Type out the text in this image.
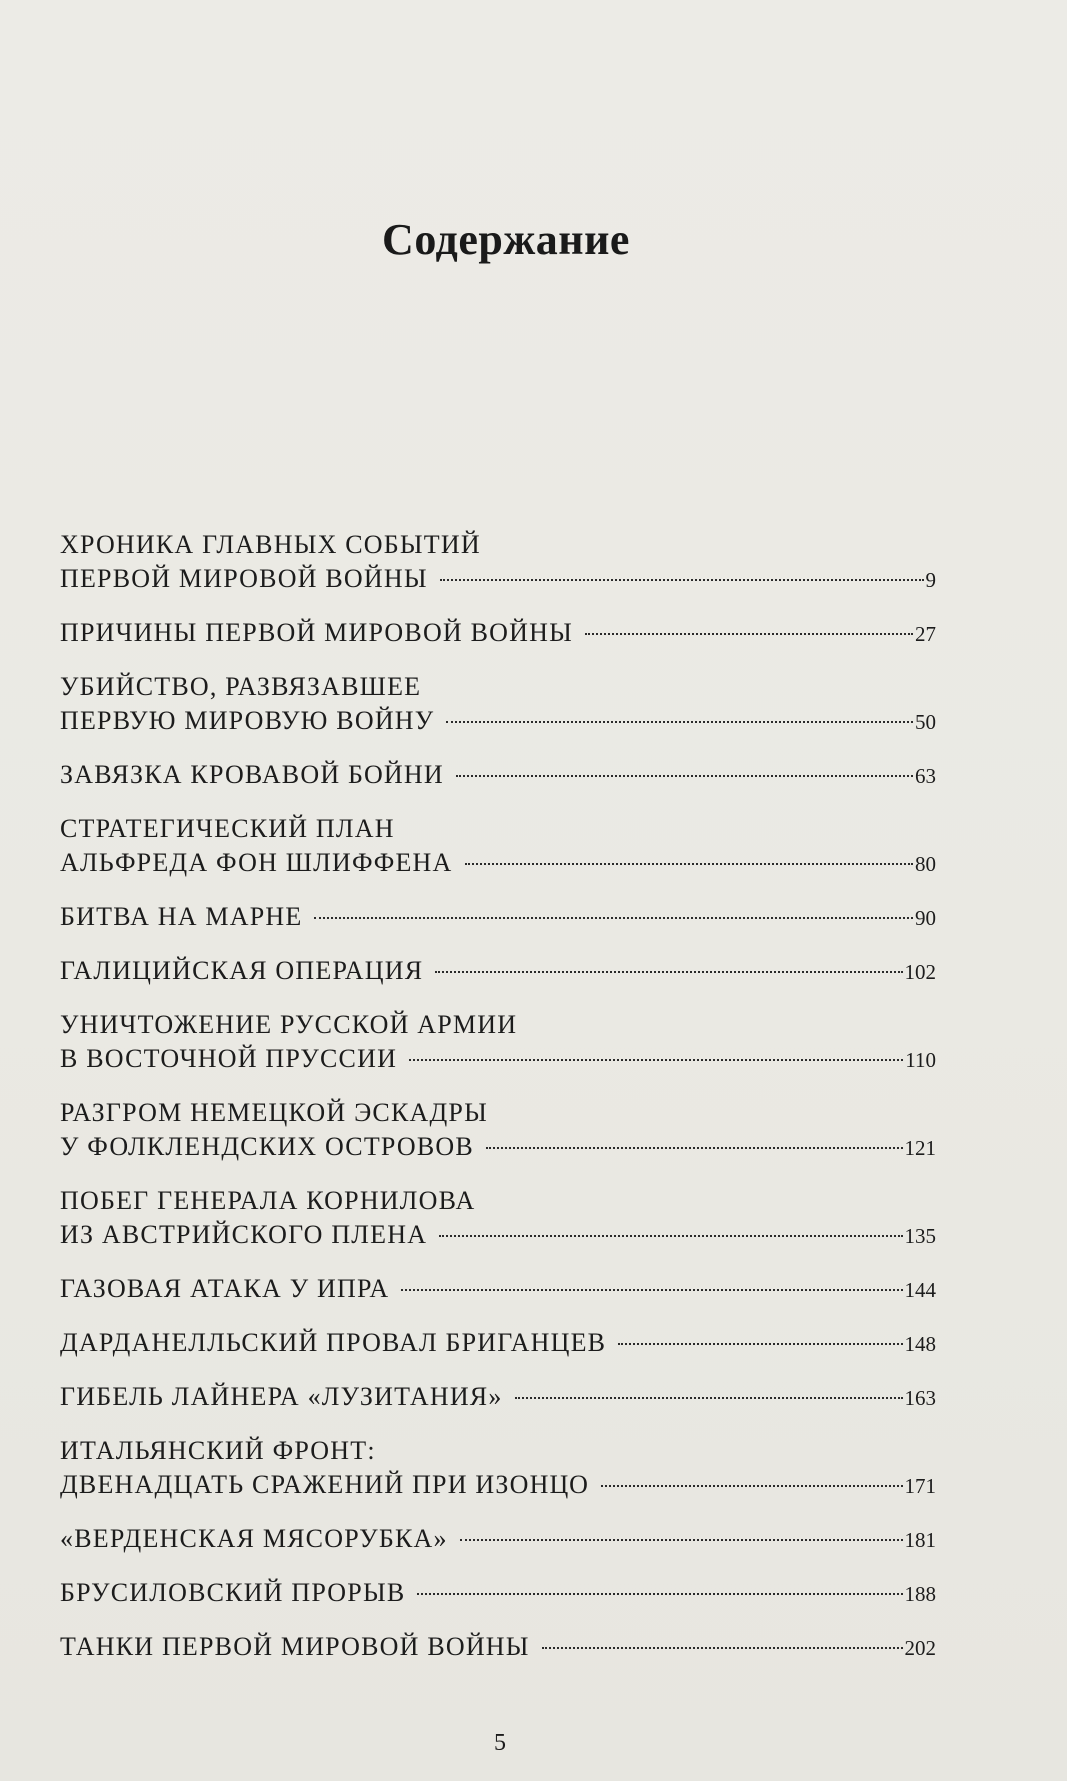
Содержание
ХРОНИКА ГЛАВНЫХ СОБЫТИЙ
ПЕРВОЙ МИРОВОЙ ВОЙНЫ	9
ПРИЧИНЫ ПЕРВОЙ МИРОВОЙ ВОЙНЫ	27
УБИЙСТВО, РАЗВЯЗАВШЕЕ
ПЕРВУЮ МИРОВУЮ ВОЙНУ	50
ЗАВЯЗКА КРОВАВОЙ БОЙНИ	63
СТРАТЕГИЧЕСКИЙ ПЛАН
АЛЬФРЕДА ФОН ШЛИФФЕНА	80
БИТВА НА МАРНЕ	90
ГАЛИЦИЙСКАЯ ОПЕРАЦИЯ	102
УНИЧТОЖЕНИЕ РУССКОЙ АРМИИ
В ВОСТОЧНОЙ ПРУССИИ	110
РАЗГРОМ НЕМЕЦКОЙ ЭСКАДРЫ
У ФОЛКЛЕНДСКИХ ОСТРОВОВ	121
ПОБЕГ ГЕНЕРАЛА КОРНИЛОВА
ИЗ АВСТРИЙСКОГО ПЛЕНА	135
ГАЗОВАЯ АТАКА У ИПРА	144
ДАРДАНЕЛЛЬСКИЙ ПРОВАЛ БРИГАНЦЕВ	148
ГИБЕЛЬ ЛАЙНЕРА «ЛУЗИТАНИЯ»	163
ИТАЛЬЯНСКИЙ ФРОНТ:
ДВЕНАДЦАТЬ СРАЖЕНИЙ ПРИ ИЗОНЦО	171
«ВЕРДЕНСКАЯ МЯСОРУБКА»	181
БРУСИЛОВСКИЙ ПРОРЫВ	188
ТАНКИ ПЕРВОЙ МИРОВОЙ ВОЙНЫ	202
5
